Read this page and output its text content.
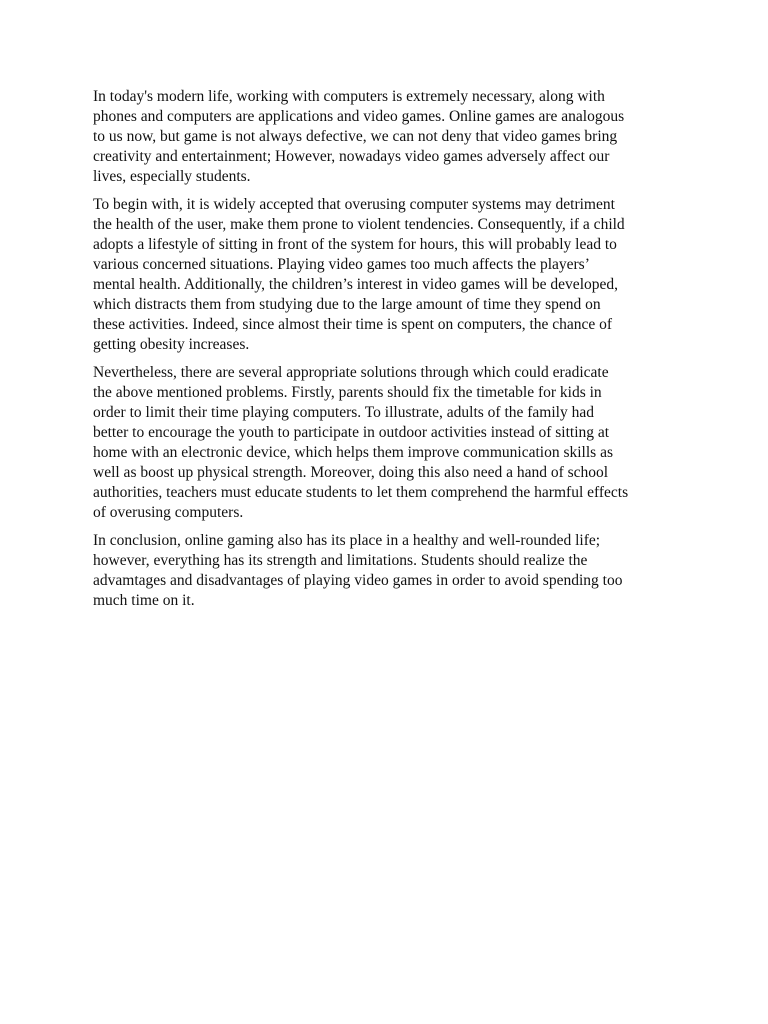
In today's modern life, working with computers is extremely necessary, along with
phones and computers are applications and video games. Online games are analogous
to us now, but game is not always defective, we can not deny that video games bring
creativity and entertainment; However, nowadays video games adversely affect our
lives, especially students.

To begin with, it is widely accepted that overusing computer systems may detriment
the health of the user, make them prone to violent tendencies. Consequently, if a child
adopts a lifestyle of sitting in front of the system for hours, this will probably lead to
various concerned situations. Playing video games too much affects the players’
mental health. Additionally, the children’s interest in video games will be developed,
which distracts them from studying due to the large amount of time they spend on
these activities. Indeed, since almost their time is spent on computers, the chance of
getting obesity increases.

Nevertheless, there are several appropriate solutions through which could eradicate
the above mentioned problems. Firstly, parents should fix the timetable for kids in
order to limit their time playing computers. To illustrate, adults of the family had
better to encourage the youth to participate in outdoor activities instead of sitting at
home with an electronic device, which helps them improve communication skills as
well as boost up physical strength. Moreover, doing this also need a hand of school
authorities, teachers must educate students to let them comprehend the harmful effects
of overusing computers.

In conclusion, online gaming also has its place in a healthy and well-rounded life;
however, everything has its strength and limitations. Students should realize the
advamtages and disadvantages of playing video games in order to avoid spending too
much time on it.
